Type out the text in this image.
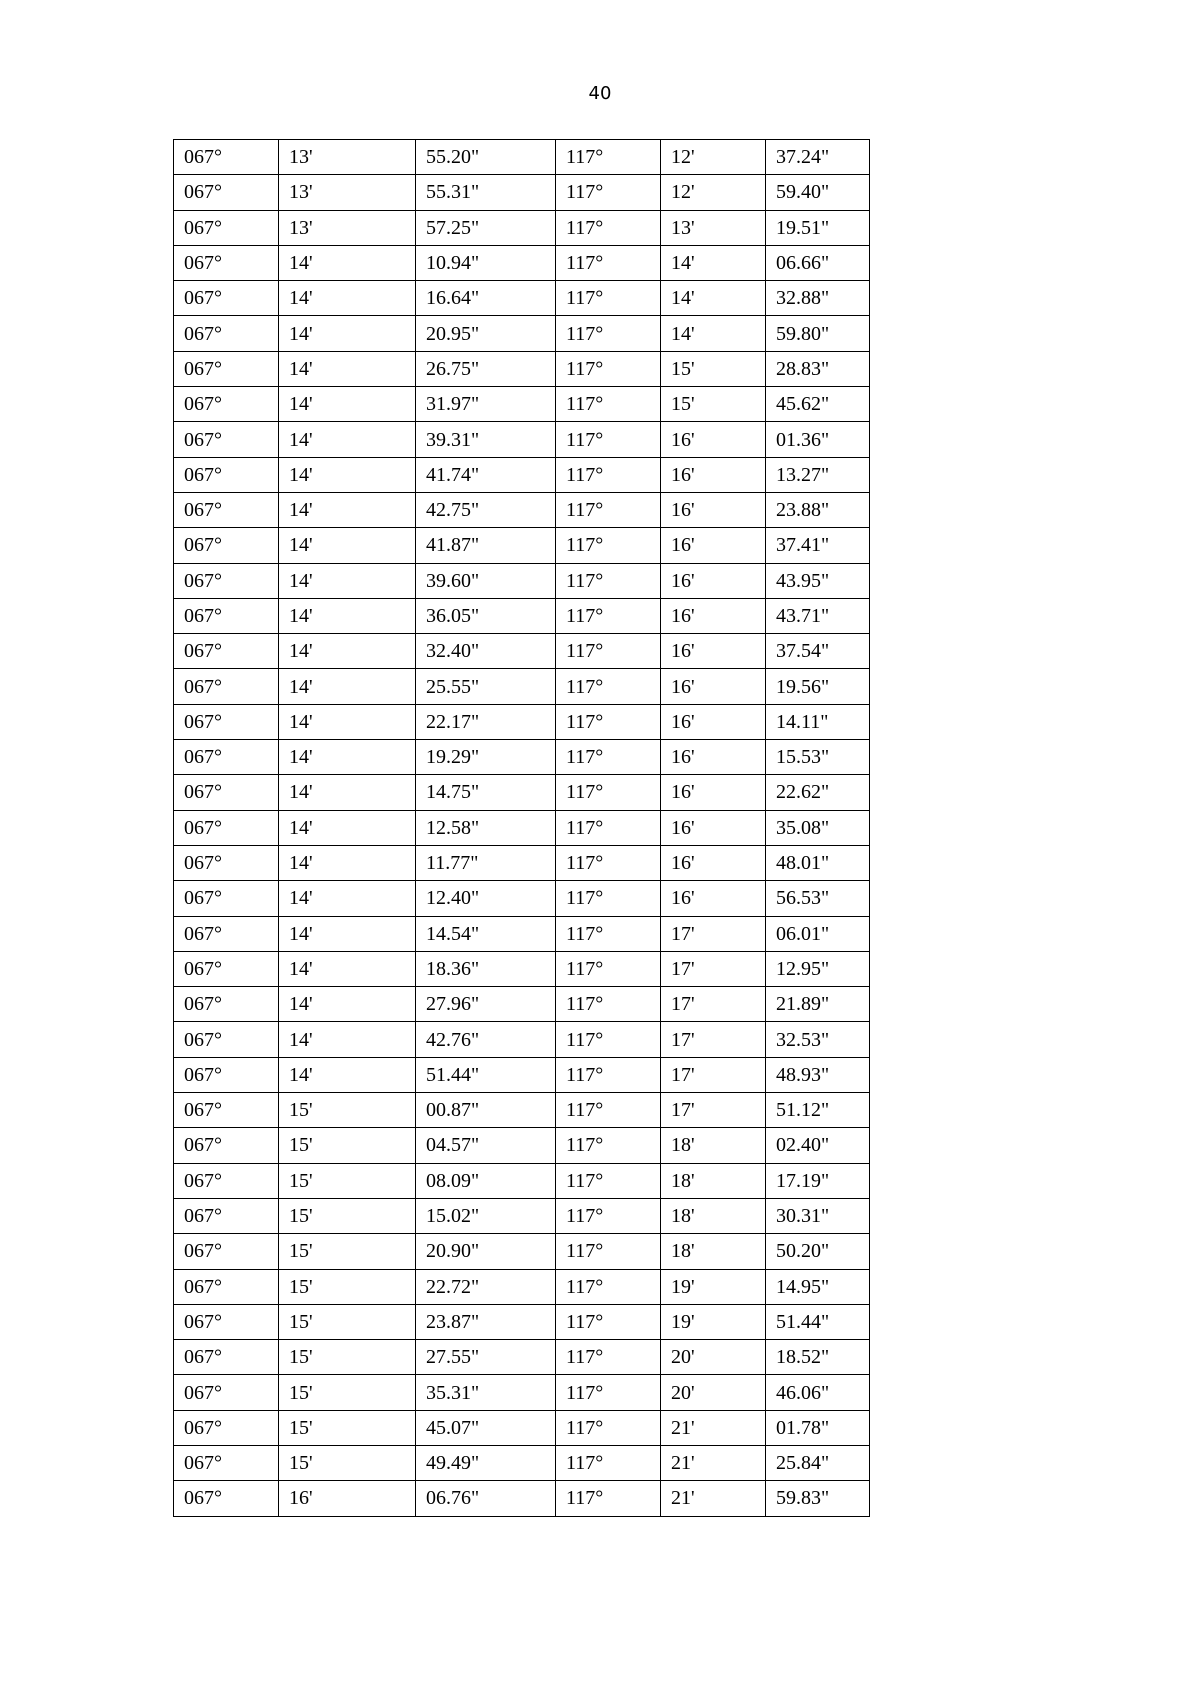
40
067°	13'	55.20"	117°	12'	37.24"
067°	13'	55.31"	117°	12'	59.40"
067°	13'	57.25"	117°	13'	19.51"
067°	14'	10.94"	117°	14'	06.66"
067°	14'	16.64"	117°	14'	32.88"
067°	14'	20.95"	117°	14'	59.80"
067°	14'	26.75"	117°	15'	28.83"
067°	14'	31.97"	117°	15'	45.62"
067°	14'	39.31"	117°	16'	01.36"
067°	14'	41.74"	117°	16'	13.27"
067°	14'	42.75"	117°	16'	23.88"
067°	14'	41.87"	117°	16'	37.41"
067°	14'	39.60"	117°	16'	43.95"
067°	14'	36.05"	117°	16'	43.71"
067°	14'	32.40"	117°	16'	37.54"
067°	14'	25.55"	117°	16'	19.56"
067°	14'	22.17"	117°	16'	14.11"
067°	14'	19.29"	117°	16'	15.53"
067°	14'	14.75"	117°	16'	22.62"
067°	14'	12.58"	117°	16'	35.08"
067°	14'	11.77"	117°	16'	48.01"
067°	14'	12.40"	117°	16'	56.53"
067°	14'	14.54"	117°	17'	06.01"
067°	14'	18.36"	117°	17'	12.95"
067°	14'	27.96"	117°	17'	21.89"
067°	14'	42.76"	117°	17'	32.53"
067°	14'	51.44"	117°	17'	48.93"
067°	15'	00.87"	117°	17'	51.12"
067°	15'	04.57"	117°	18'	02.40"
067°	15'	08.09"	117°	18'	17.19"
067°	15'	15.02"	117°	18'	30.31"
067°	15'	20.90"	117°	18'	50.20"
067°	15'	22.72"	117°	19'	14.95"
067°	15'	23.87"	117°	19'	51.44"
067°	15'	27.55"	117°	20'	18.52"
067°	15'	35.31"	117°	20'	46.06"
067°	15'	45.07"	117°	21'	01.78"
067°	15'	49.49"	117°	21'	25.84"
067°	16'	06.76"	117°	21'	59.83"
